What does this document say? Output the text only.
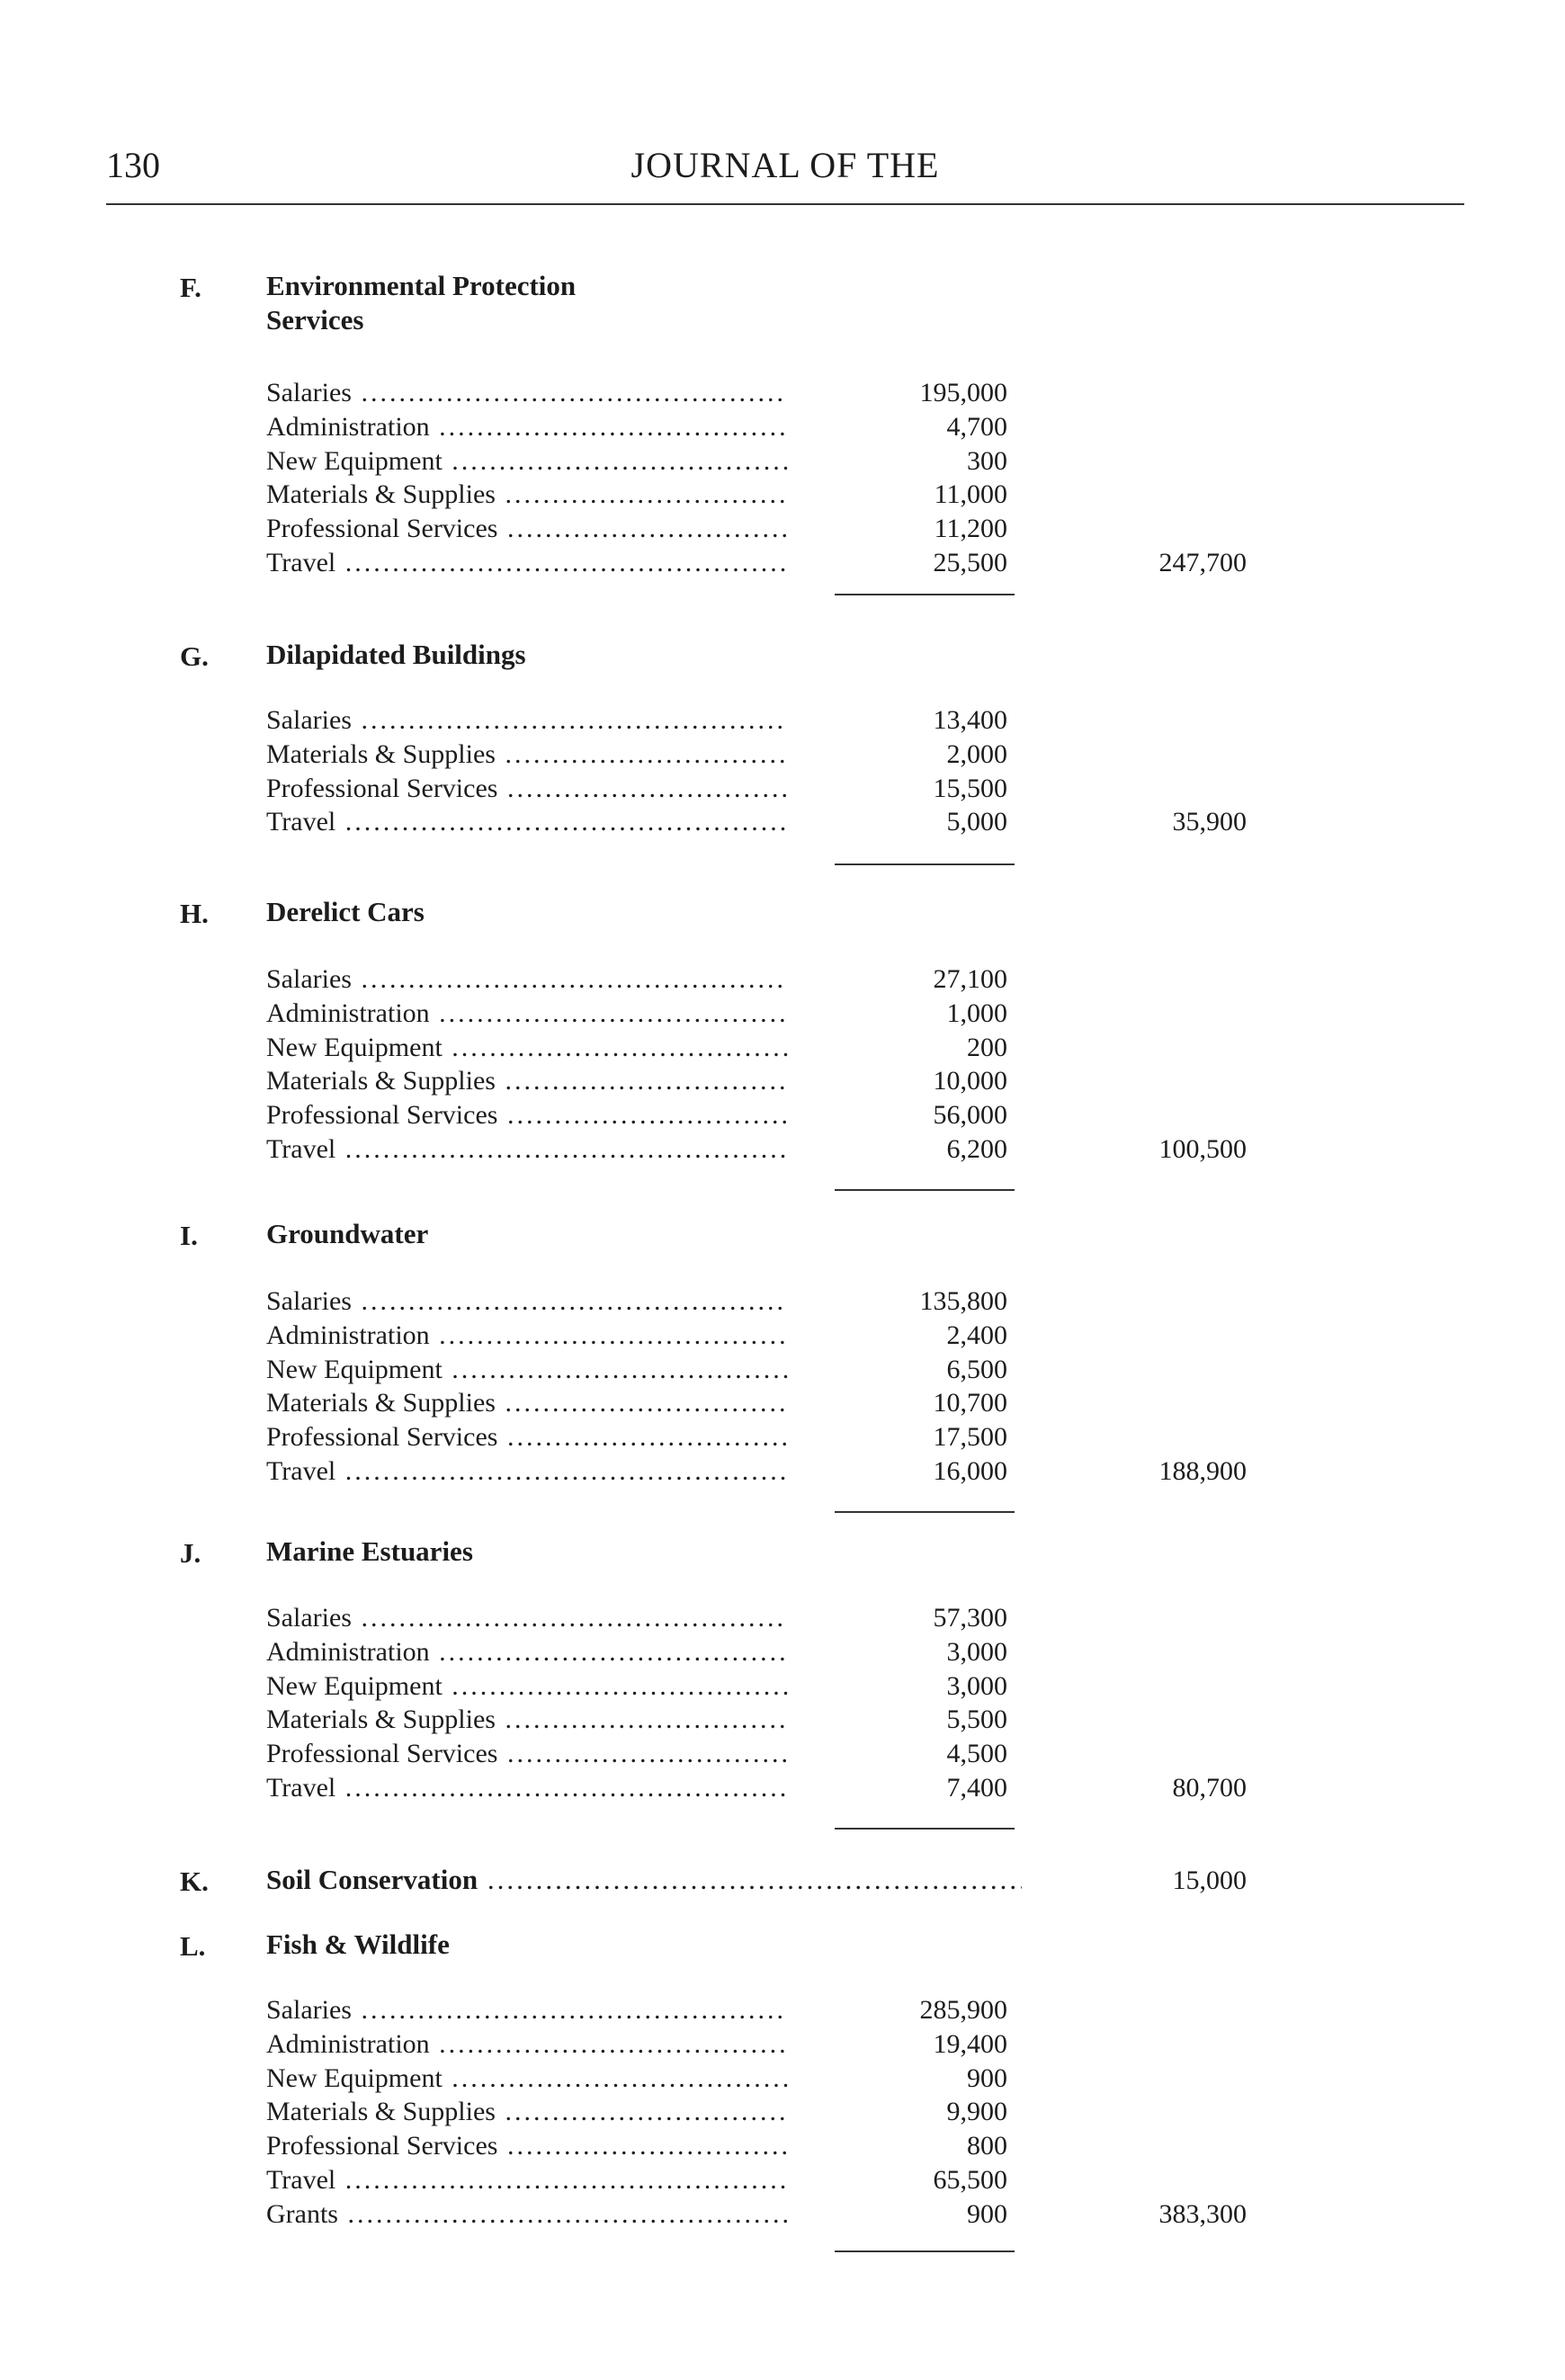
130	JOURNAL OF THE
F. Environmental Protection
Services
Salaries .....	195,000
Administration .....	4,700
New Equipment .....	300
Materials & Supplies .....	11,000
Professional Services .....	11,200
Travel .....	25,500	247,700
G. Dilapidated Buildings
Salaries .....	13,400
Materials & Supplies .....	2,000
Professional Services .....	15,500
Travel .....	5,000	35,900
H. Derelict Cars
Salaries .....	27,100
Administration .....	1,000
New Equipment .....	200
Materials & Supplies .....	10,000
Professional Services .....	56,000
Travel .....	6,200	100,500
I. Groundwater
Salaries .....	135,800
Administration .....	2,400
New Equipment .....	6,500
Materials & Supplies .....	10,700
Professional Services .....	17,500
Travel .....	16,000	188,900
J. Marine Estuaries
Salaries .....	57,300
Administration .....	3,000
New Equipment .....	3,000
Materials & Supplies .....	5,500
Professional Services .....	4,500
Travel .....	7,400	80,700
K. Soil Conservation .....	15,000
L. Fish & Wildlife
Salaries .....	285,900
Administration .....	19,400
New Equipment .....	900
Materials & Supplies .....	9,900
Professional Services .....	800
Travel .....	65,500
Grants .....	900	383,300
